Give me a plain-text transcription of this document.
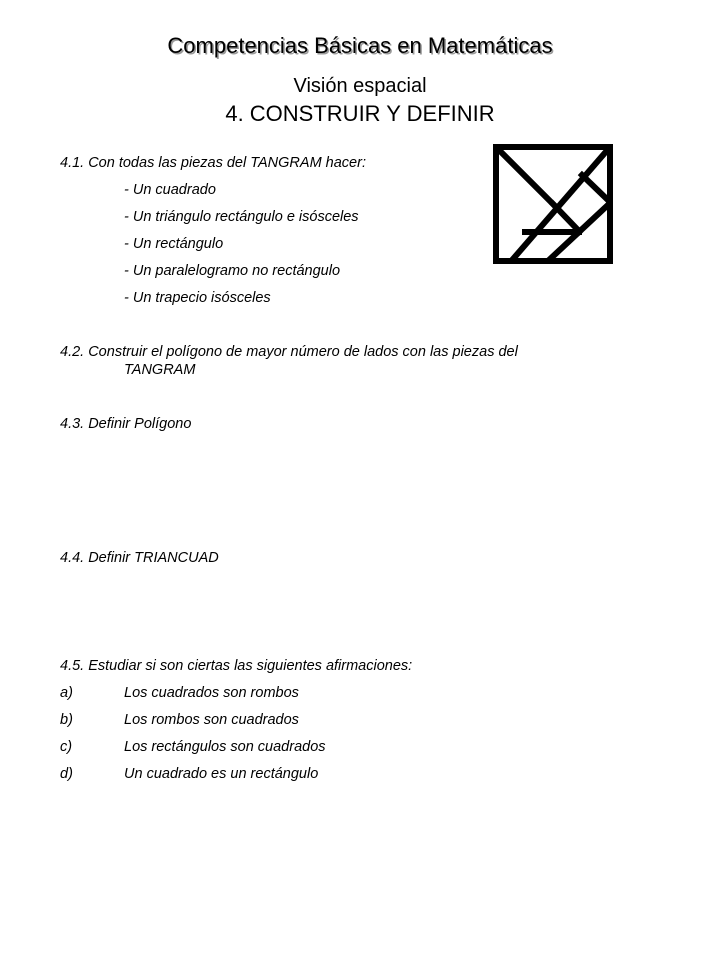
Competencias Básicas en Matemáticas
Visión espacial
4. CONSTRUIR Y DEFINIR
4.1. Con todas las piezas del TANGRAM hacer:
- Un cuadrado
- Un triángulo rectángulo e isósceles
- Un rectángulo
- Un paralelogramo no rectángulo
- Un trapecio isósceles
4.2. Construir el polígono de mayor número de lados con las piezas del
TANGRAM
4.3. Definir Polígono
4.4. Definir TRIANCUAD
4.5. Estudiar si son ciertas las siguientes afirmaciones:
a)	Los cuadrados son rombos
b)	Los rombos son cuadrados
c)	Los rectángulos son cuadrados
d)	Un cuadrado es un rectángulo
